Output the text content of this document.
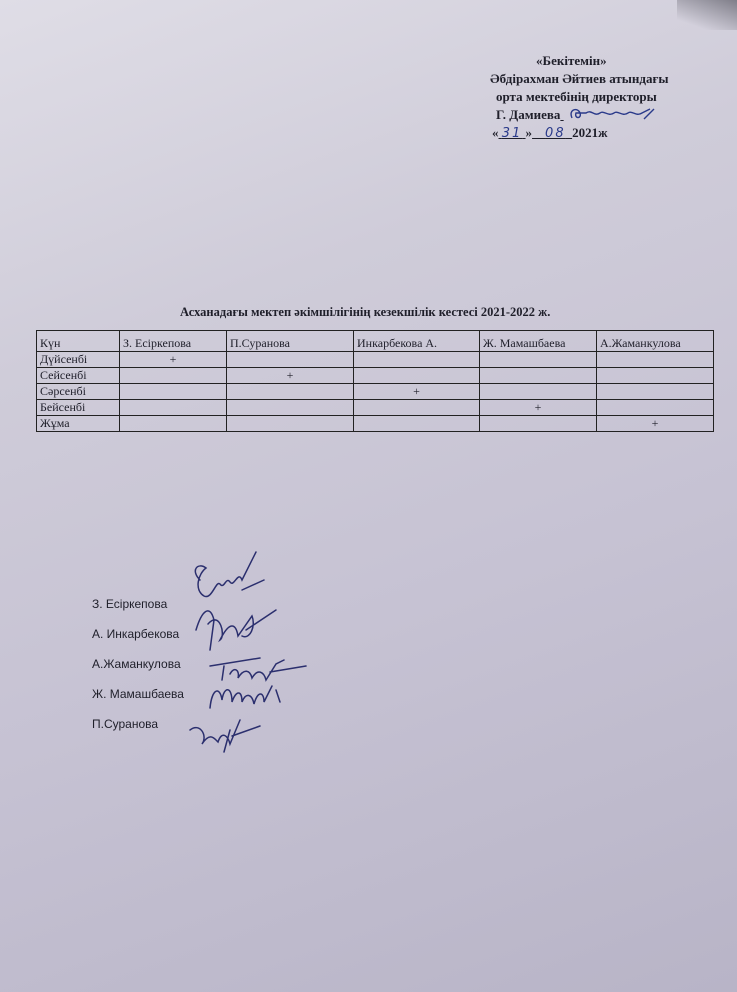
«Бекітемін»
Әбдірахман Әйтиев атындағы
орта мектебінің директоры
Г. Дамиева
« 31 » 08 2021ж
Асханадағы мектеп әкімшілігінің кезекшілік кестесі 2021-2022 ж.
Күн	З. Есіркепова	П.Суранова	Инкарбекова А.	Ж. Мамашбаева	А.Жаманкулова
Дүйсенбі	+				
Сейсенбі		+			
Сәрсенбі			+		
Бейсенбі				+	
Жұма					+
З. Есіркепова
А. Инкарбекова
А.Жаманкулова
Ж. Мамашбаева
П.Суранова
